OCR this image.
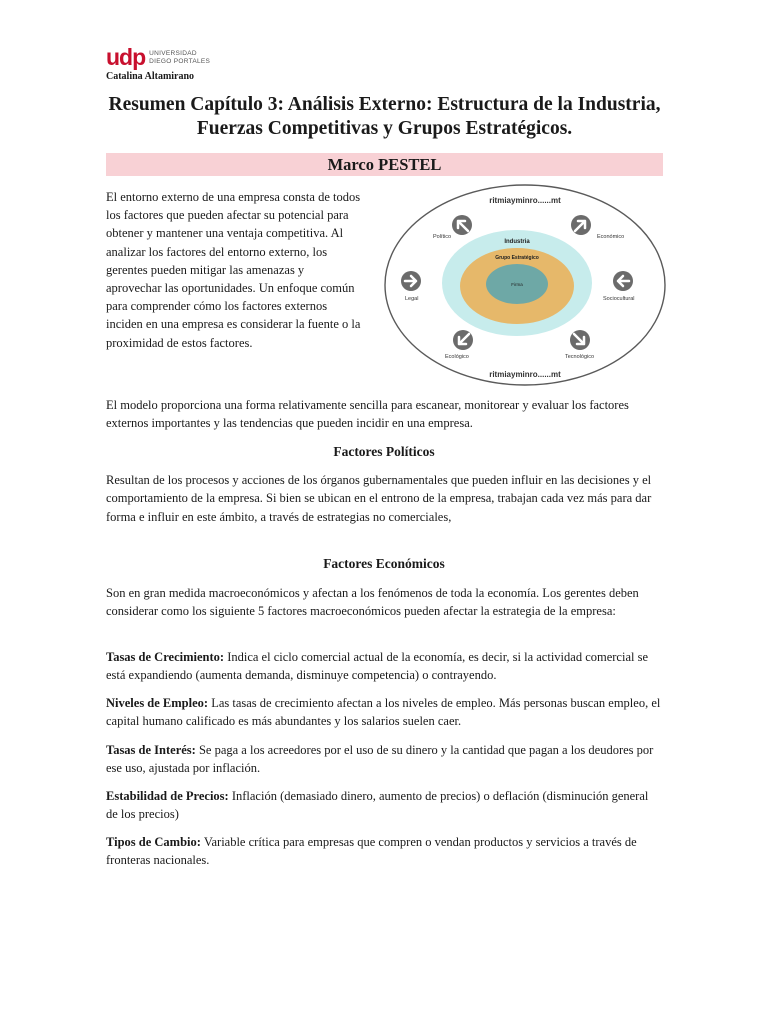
udp UNIVERSIDAD
DIEGO PORTALES
Catalina Altamirano
Resumen Capítulo 3: Análisis Externo: Estructura de la Industria, Fuerzas Competitivas y Grupos Estratégicos.
Marco PESTEL

El entorno externo de una empresa consta de todos los factores que pueden afectar su potencial para obtener y mantener una ventaja competitiva. Al analizar los factores del entorno externo, los gerentes pueden mitigar las amenazas y aprovechar las oportunidades. Un enfoque común para comprender cómo los factores externos inciden en una empresa es considerar la fuente o la proximidad de estos factores.

ritmiayminro......mt
ritmiayminro......mt
Industria
Grupo Estratégico
Firma
Político	Económico
Legal	Sociocultural
Ecológico	Tecnológico

El modelo proporciona una forma relativamente sencilla para escanear, monitorear y evaluar los factores externos importantes y las tendencias que pueden incidir en una empresa.

Factores Políticos

Resultan de los procesos y acciones de los órganos gubernamentales que pueden influir en las decisiones y el comportamiento de la empresa. Si bien se ubican en el entrono de la empresa, trabajan cada vez más para dar forma e influir en este ámbito, a través de estrategias no comerciales,

Factores Económicos

Son en gran medida macroeconómicos y afectan a los fenómenos de toda la economía. Los gerentes deben considerar como los siguiente 5 factores macroeconómicos pueden afectar la estrategia de la empresa:

Tasas de Crecimiento: Indica el ciclo comercial actual de la economía, es decir, si la actividad comercial se está expandiendo (aumenta demanda, disminuye competencia) o contrayendo.

Niveles de Empleo: Las tasas de crecimiento afectan a los niveles de empleo. Más personas buscan empleo, el capital humano calificado es más abundantes y los salarios suelen caer.

Tasas de Interés: Se paga a los acreedores por el uso de su dinero y la cantidad que pagan a los deudores por ese uso, ajustada por inflación.

Estabilidad de Precios: Inflación (demasiado dinero, aumento de precios) o deflación (disminución general de los precios)

Tipos de Cambio: Variable crítica para empresas que compren o vendan productos y servicios a través de fronteras nacionales.
